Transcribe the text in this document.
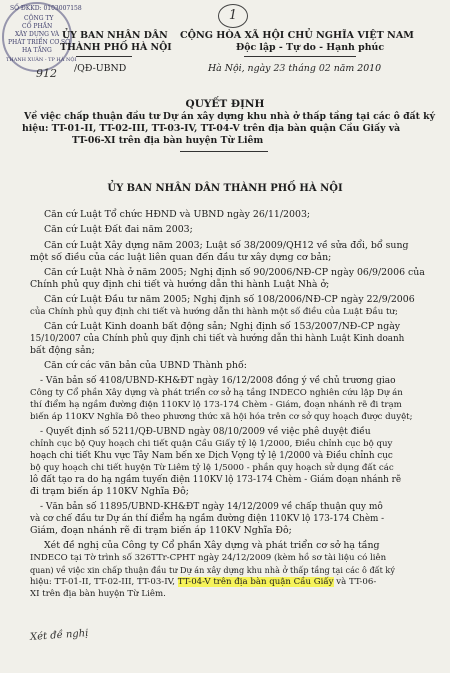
SỐ ĐKKD: 0103007158
CÔNG TY
CỔ PHẦN
XÂY DỰNG VÀ
PHÁT TRIỂN CƠ SỞ
HẠ TẦNG
THANH XUÂN - TP HÀ NỘI
1
ỦY BAN NHÂN DÂN
THÀNH PHỐ HÀ NỘI
912 /QĐ-UBND
CỘNG HÒA XÃ HỘI CHỦ NGHĨA VIỆT NAM
Độc lập - Tự do - Hạnh phúc
Hà Nội, ngày 23 tháng 02 năm 2010
QUYẾT ĐỊNH
Về việc chấp thuận đầu tư Dự án xây dựng khu nhà ở thấp tầng tại các ô đất ký
hiệu: TT-01-II, TT-02-III, TT-03-IV, TT-04-V trên địa bàn quận Cầu Giấy và
TT-06-XI trên địa bàn huyện Từ Liêm
ỦY BAN NHÂN DÂN THÀNH PHỐ HÀ NỘI
Căn cứ Luật Tổ chức HĐND và UBND ngày 26/11/2003;
Căn cứ Luật Đất đai năm 2003;
Căn cứ Luật Xây dựng năm 2003; Luật số 38/2009/QH12 về sửa đổi, bổ sung
một số điều của các luật liên quan đến đầu tư xây dựng cơ bản;
Căn cứ Luật Nhà ở năm 2005; Nghị định số 90/2006/NĐ-CP ngày 06/9/2006 của
Chính phủ quy định chi tiết và hướng dẫn thi hành Luật Nhà ở;
Căn cứ Luật Đầu tư năm 2005; Nghị định số 108/2006/NĐ-CP ngày 22/9/2006
của Chính phủ quy định chi tiết và hướng dẫn thi hành một số điều của Luật Đầu tư;
Căn cứ Luật Kinh doanh bất động sản; Nghị định số 153/2007/NĐ-CP ngày
15/10/2007 của Chính phủ quy định chi tiết và hướng dẫn thi hành Luật Kinh doanh
bất động sản;
Căn cứ các văn bản của UBND Thành phố:
- Văn bản số 4108/UBND-KH&ĐT ngày 16/12/2008 đồng ý về chủ trương giao
Công ty Cổ phần Xây dựng và phát triển cơ sở hạ tầng INDECO nghiên cứu lập Dự án
thí điểm hạ ngầm đường điện 110KV lộ 173-174 Chèm - Giám, đoạn nhánh rẽ đi trạm
biến áp 110KV Nghĩa Đô theo phương thức xã hội hóa trên cơ sở quy hoạch được duyệt;
- Quyết định số 5211/QĐ-UBND ngày 08/10/2009 về việc phê duyệt điều
chỉnh cục bộ Quy hoạch chi tiết quận Cầu Giấy tỷ lệ 1/2000, Điều chỉnh cục bộ quy
hoạch chi tiết Khu vực Tây Nam bến xe Dịch Vọng tỷ lệ 1/2000 và Điều chỉnh cục
bộ quy hoạch chi tiết huyện Từ Liêm tỷ lệ 1/5000 - phần quy hoạch sử dụng đất các
lô đất tạo ra do hạ ngầm tuyến điện 110KV lộ 173-174 Chèm - Giám đoạn nhánh rẽ
đi trạm biến áp 110KV Nghĩa Đô;
- Văn bản số 11895/UBND-KH&ĐT ngày 14/12/2009 về chấp thuận quy mô
và cơ chế đầu tư Dự án thí điểm hạ ngầm đường điện 110KV lộ 173-174 Chèm -
Giám, đoạn nhánh rẽ đi trạm biến áp 110KV Nghĩa Đô;
Xét đề nghị của Công ty Cổ phần Xây dựng và phát triển cơ sở hạ tầng
INDECO tại Tờ trình số 326TTr-CPHT ngày 24/12/2009 (kèm hồ sơ tài liệu có liên
quan) về việc xin chấp thuận đầu tư Dự án xây dựng khu nhà ở thấp tầng tại các ô đất ký
hiệu: TT-01-II, TT-02-III, TT-03-IV, TT-04-V trên địa bàn quận Cầu Giấy và TT-06-
XI trên địa bàn huyện Từ Liêm.
Xét đề nghị
